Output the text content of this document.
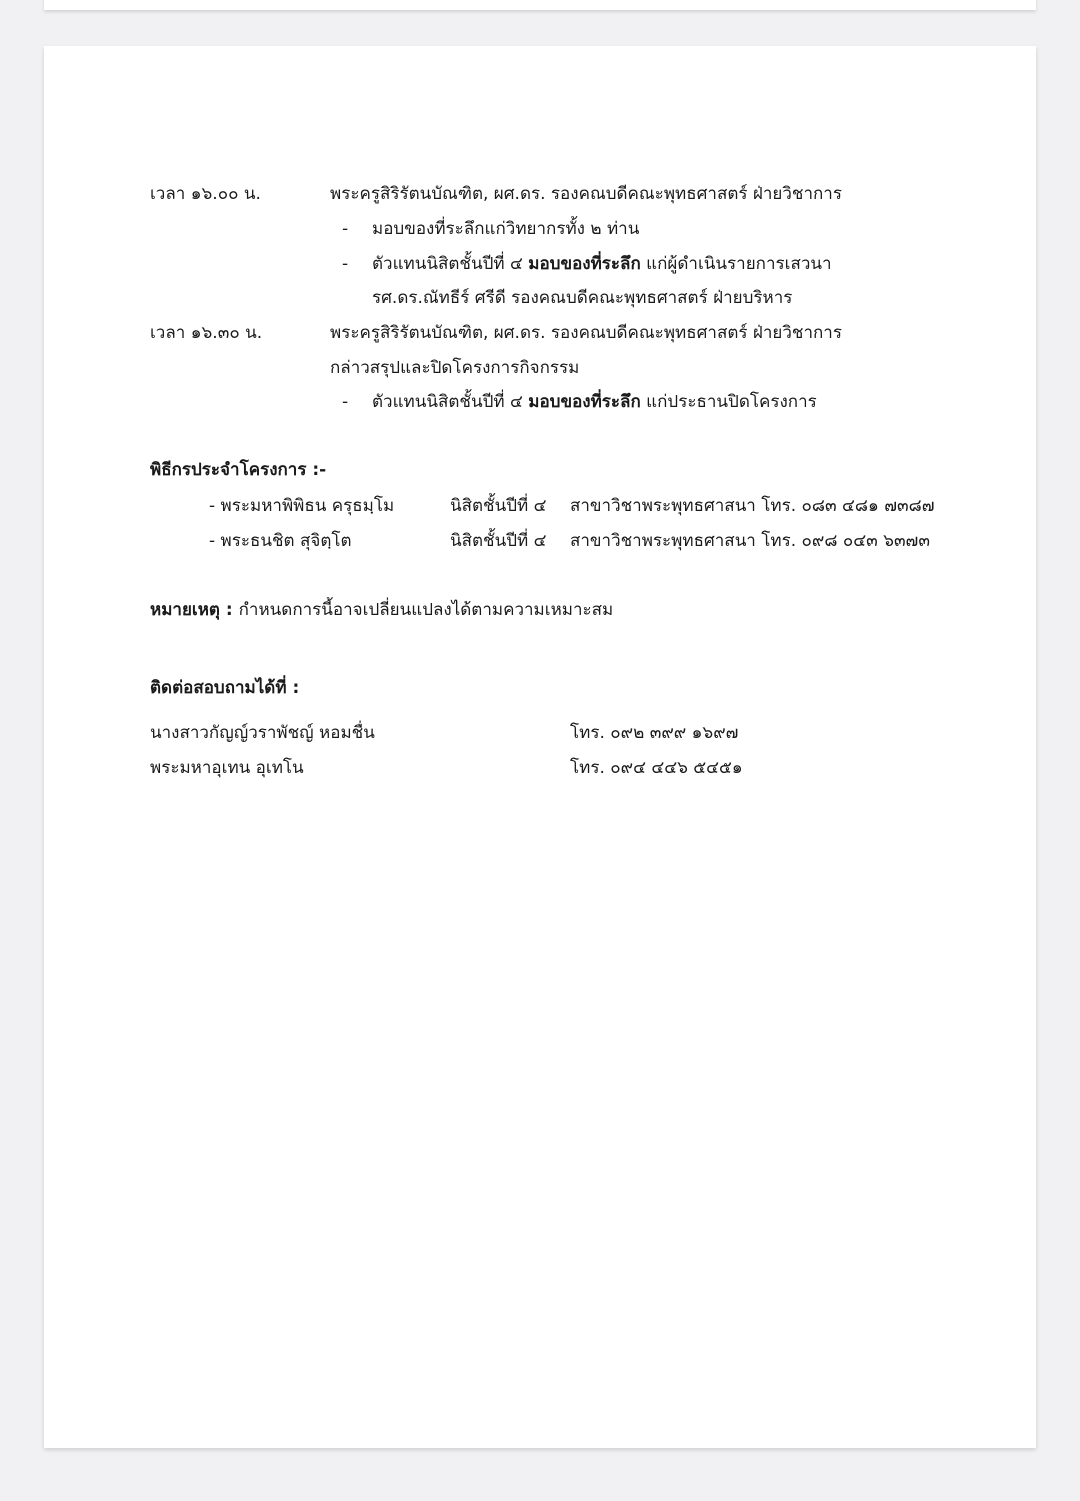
เวลา ๑๖.๐๐ น.	พระครูสิริรัตนบัณฑิต, ผศ.ดร. รองคณบดีคณะพุทธศาสตร์ ฝ่ายวิชาการ
- มอบของที่ระลึกแก่วิทยากรทั้ง ๒ ท่าน
- ตัวแทนนิสิตชั้นปีที่ ๔ มอบของที่ระลึก แก่ผู้ดำเนินรายการเสวนา
รศ.ดร.ณัทธีร์ ศรีดี รองคณบดีคณะพุทธศาสตร์ ฝ่ายบริหาร
เวลา ๑๖.๓๐ น.	พระครูสิริรัตนบัณฑิต, ผศ.ดร. รองคณบดีคณะพุทธศาสตร์ ฝ่ายวิชาการ
กล่าวสรุปและปิดโครงการกิจกรรม
- ตัวแทนนิสิตชั้นปีที่ ๔ มอบของที่ระลึก แก่ประธานปิดโครงการ
พิธีกรประจำโครงการ :-
- พระมหาพิพิธน ครุธมฺโม	นิสิตชั้นปีที่ ๔ สาขาวิชาพระพุทธศาสนา โทร. ๐๘๓ ๔๘๑ ๗๓๘๗
- พระธนชิต สุจิตฺโต	นิสิตชั้นปีที่ ๔ สาขาวิชาพระพุทธศาสนา โทร. ๐๙๘ ๐๔๓ ๖๓๗๓
หมายเหตุ : กำหนดการนี้อาจเปลี่ยนแปลงได้ตามความเหมาะสม
ติดต่อสอบถามได้ที่ :
นางสาวกัญญ์วราพัชญ์ หอมชื่น	โทร. ๐๙๒ ๓๙๙ ๑๖๙๗
พระมหาอุเทน อุเทโน	โทร. ๐๙๔ ๔๔๖ ๕๔๕๑
